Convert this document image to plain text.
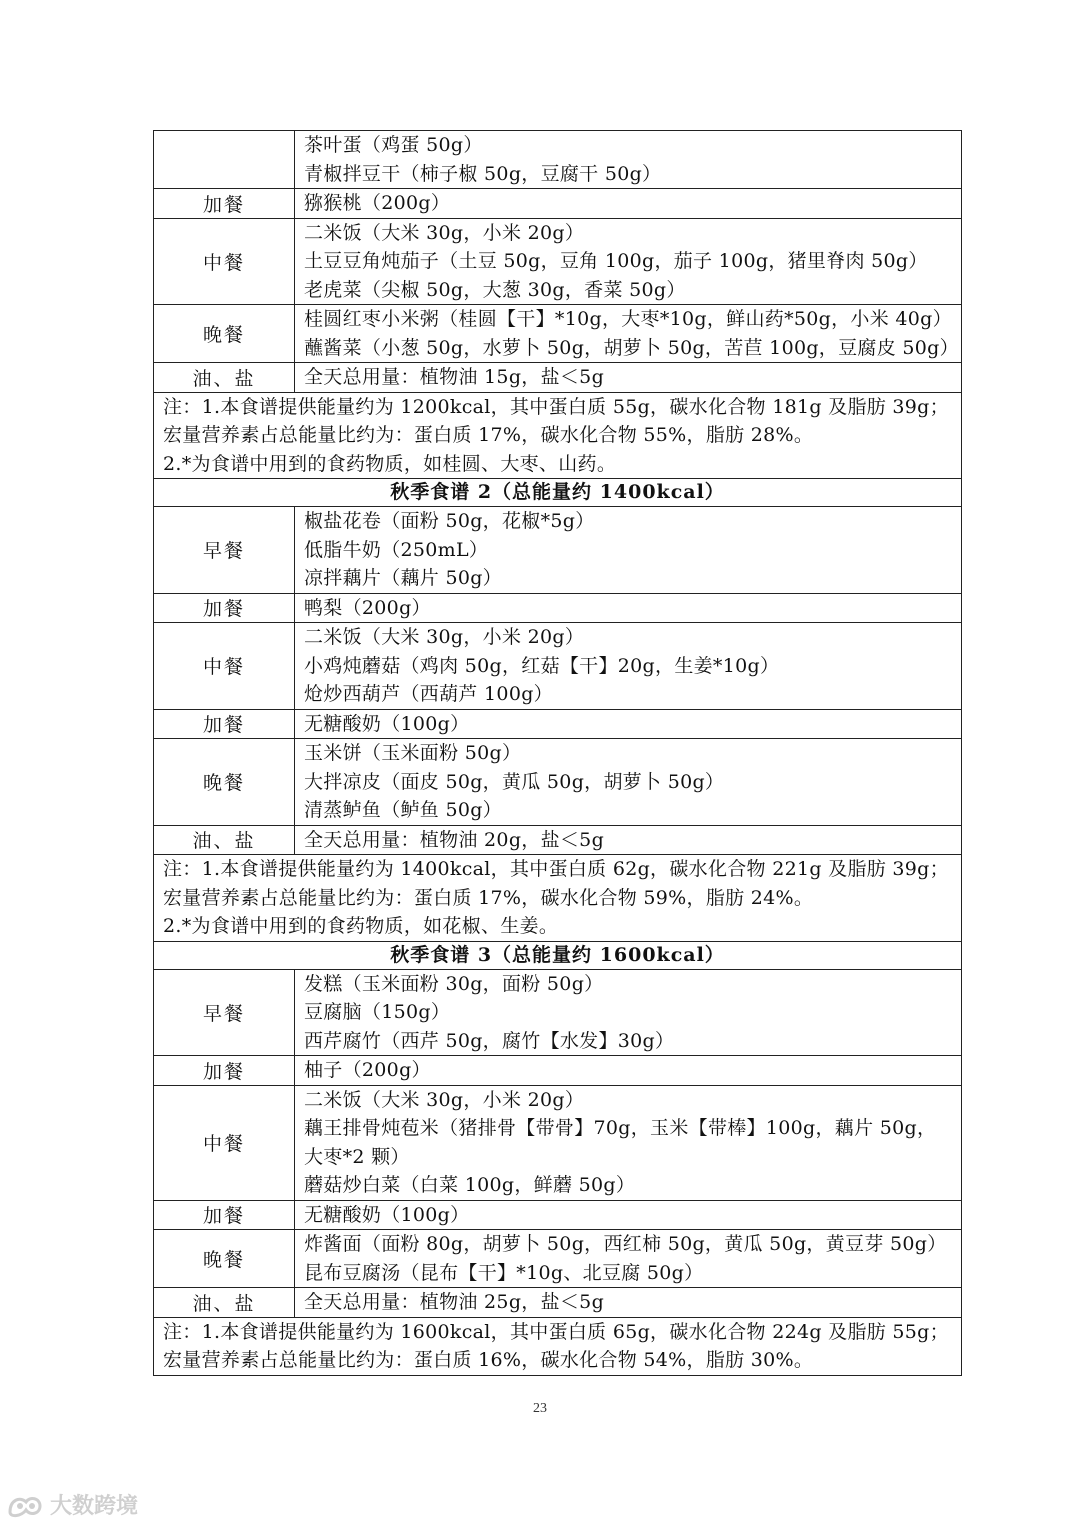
	茶叶蛋（鸡蛋 50g）
青椒拌豆干（柿子椒 50g，豆腐干 50g）

加餐	猕猴桃（200g）

中餐	二米饭（大米 30g，小米 20g）
土豆豆角炖茄子（土豆 50g，豆角 100g，茄子 100g，猪里脊肉 50g）
老虎菜（尖椒 50g，大葱 30g，香菜 50g）

晚餐	桂圆红枣小米粥（桂圆【干】*10g，大枣*10g，鲜山药*50g，小米 40g）
蘸酱菜（小葱 50g，水萝卜 50g，胡萝卜 50g，苦苣 100g，豆腐皮 50g）

油、盐	全天总用量：植物油 15g，盐＜5g

注：1.本食谱提供能量约为 1200kcal，其中蛋白质 55g，碳水化合物 181g 及脂肪 39g；宏量营养素占总能量比约为：蛋白质 17%，碳水化合物 55%，脂肪 28%。
2.*为食谱中用到的食药物质，如桂圆、大枣、山药。	

秋季食谱 2（总能量约 1400kcal）	
早餐	椒盐花卷（面粉 50g，花椒*5g）
低脂牛奶（250mL）
凉拌藕片（藕片 50g）

加餐	鸭梨（200g）

中餐	二米饭（大米 30g，小米 20g）
小鸡炖蘑菇（鸡肉 50g，红菇【干】20g，生姜*10g）
炝炒西葫芦（西葫芦 100g）

加餐	无糖酸奶（100g）

晚餐	玉米饼（玉米面粉 50g）
大拌凉皮（面皮 50g，黄瓜 50g，胡萝卜 50g）
清蒸鲈鱼（鲈鱼 50g）

油、盐	全天总用量：植物油 20g，盐＜5g

注：1.本食谱提供能量约为 1400kcal，其中蛋白质 62g，碳水化合物 221g 及脂肪 39g；宏量营养素占总能量比约为：蛋白质 17%，碳水化合物 59%，脂肪 24%。
2.*为食谱中用到的食药物质，如花椒、生姜。	

秋季食谱 3（总能量约 1600kcal）	
早餐	发糕（玉米面粉 30g，面粉 50g）
豆腐脑（150g）
西芹腐竹（西芹 50g，腐竹【水发】30g）

加餐	柚子（200g）

中餐	二米饭（大米 30g，小米 20g）
藕王排骨炖苞米（猪排骨【带骨】70g，玉米【带棒】100g，藕片 50g，大枣*2 颗）
蘑菇炒白菜（白菜 100g，鲜蘑 50g）

加餐	无糖酸奶（100g）

晚餐	炸酱面（面粉 80g，胡萝卜 50g，西红柿 50g，黄瓜 50g，黄豆芽 50g）
昆布豆腐汤（昆布【干】*10g、北豆腐 50g）

油、盐	全天总用量：植物油 25g，盐＜5g

注：1.本食谱提供能量约为 1600kcal，其中蛋白质 65g，碳水化合物 224g 及脂肪 55g；宏量营养素占总能量比约为：蛋白质 16%，碳水化合物 54%，脂肪 30%。	
23
大数跨境
